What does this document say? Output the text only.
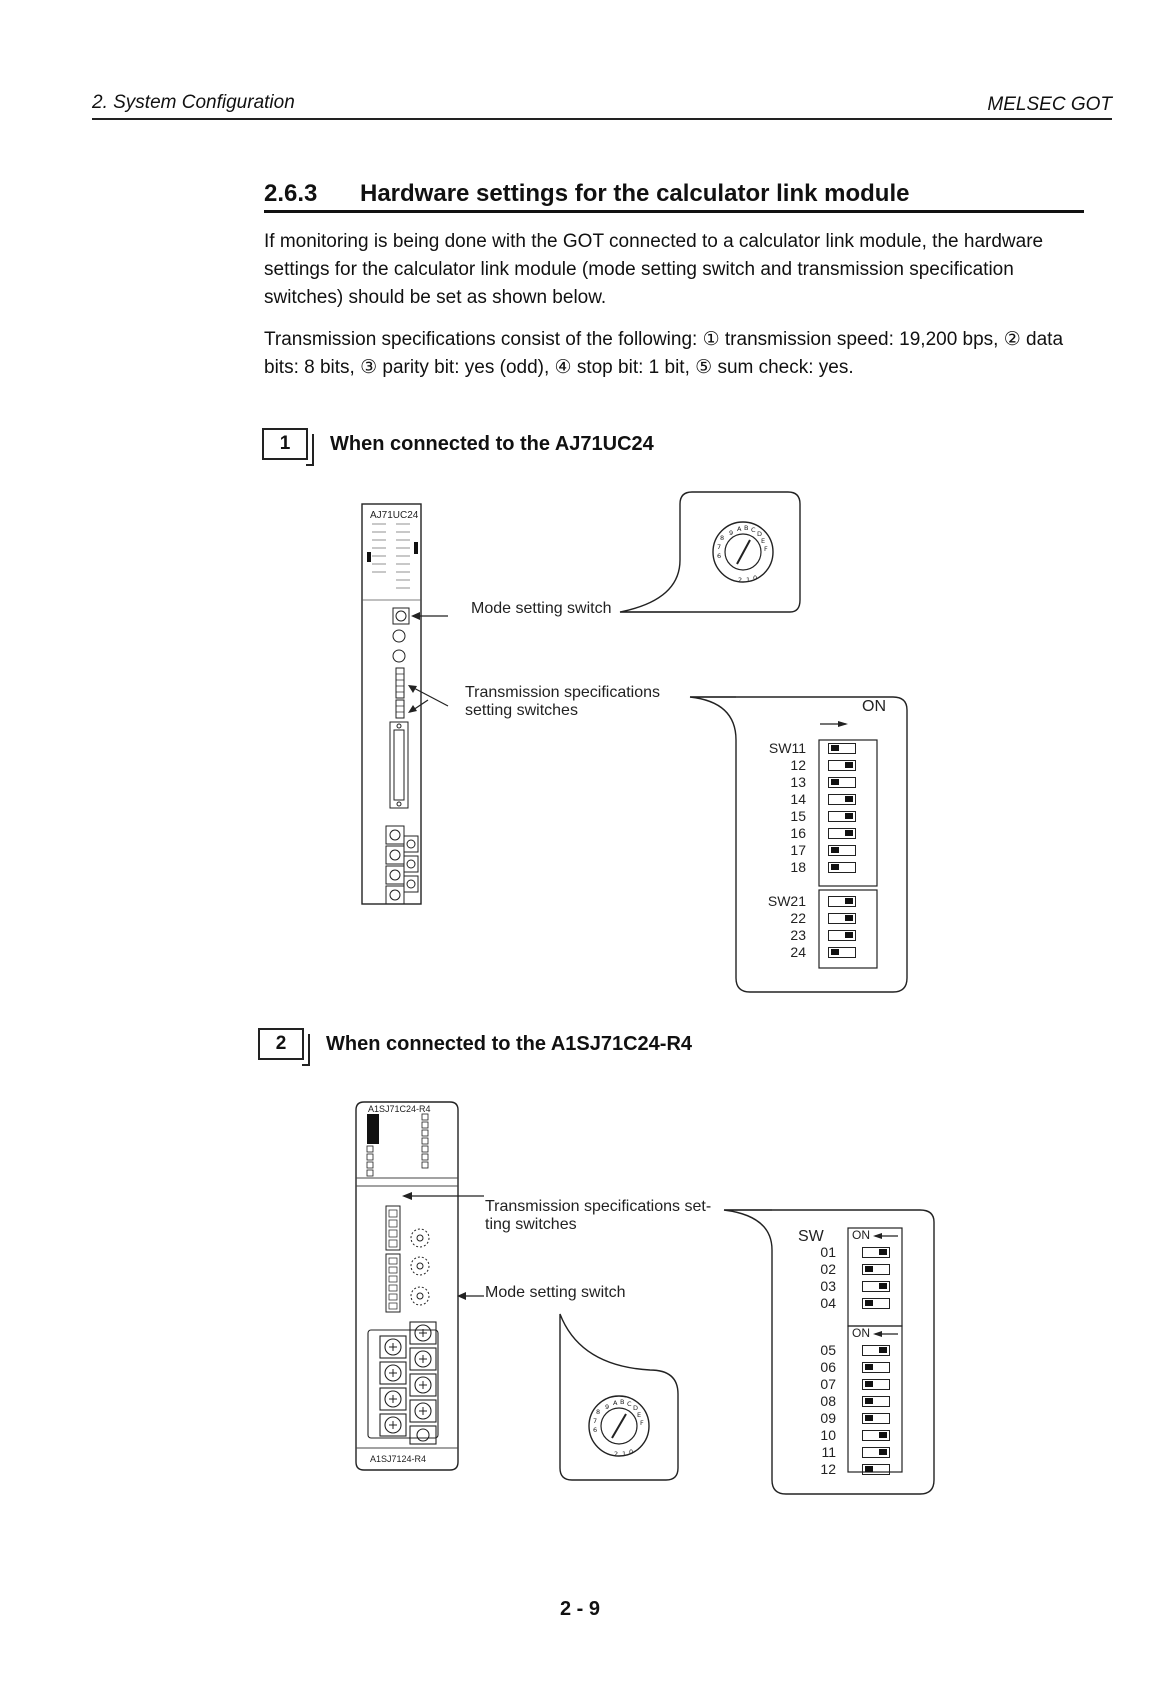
2. System Configuration	MELSEC GOT
2.6.3 Hardware settings for the calculator link module
If monitoring is being done with the GOT connected to a calculator link module, the hardware settings for the calculator link module (mode setting switch and transmission specification switches) should be set as shown below.
Transmission specifications consist of the following: ① transmission speed: 19,200 bps, ② data bits: 8 bits, ③ parity bit: yes (odd), ④ stop bit: 1 bit, ⑤ sum check: yes.
1	When connected to the AJ71UC24
2	When connected to the A1SJ71C24-R4
A B C D
E
F
8
7
6
9
2 1 0
AJ71UC24
Mode setting switch
Transmission specifications
setting switches	ON
SW11
12
13
14
15
16
17
18
SW21
22
23
24
A B C D
E
F
8
7
6
9
2 1 0
A1SJ71C24-R4
A1SJ7124-R4
Transmission specifications set-
ting switches
Mode setting switch
SW ON
ON
01
02
03
04
05
06
07
08
09
10
11
12
2 - 9
